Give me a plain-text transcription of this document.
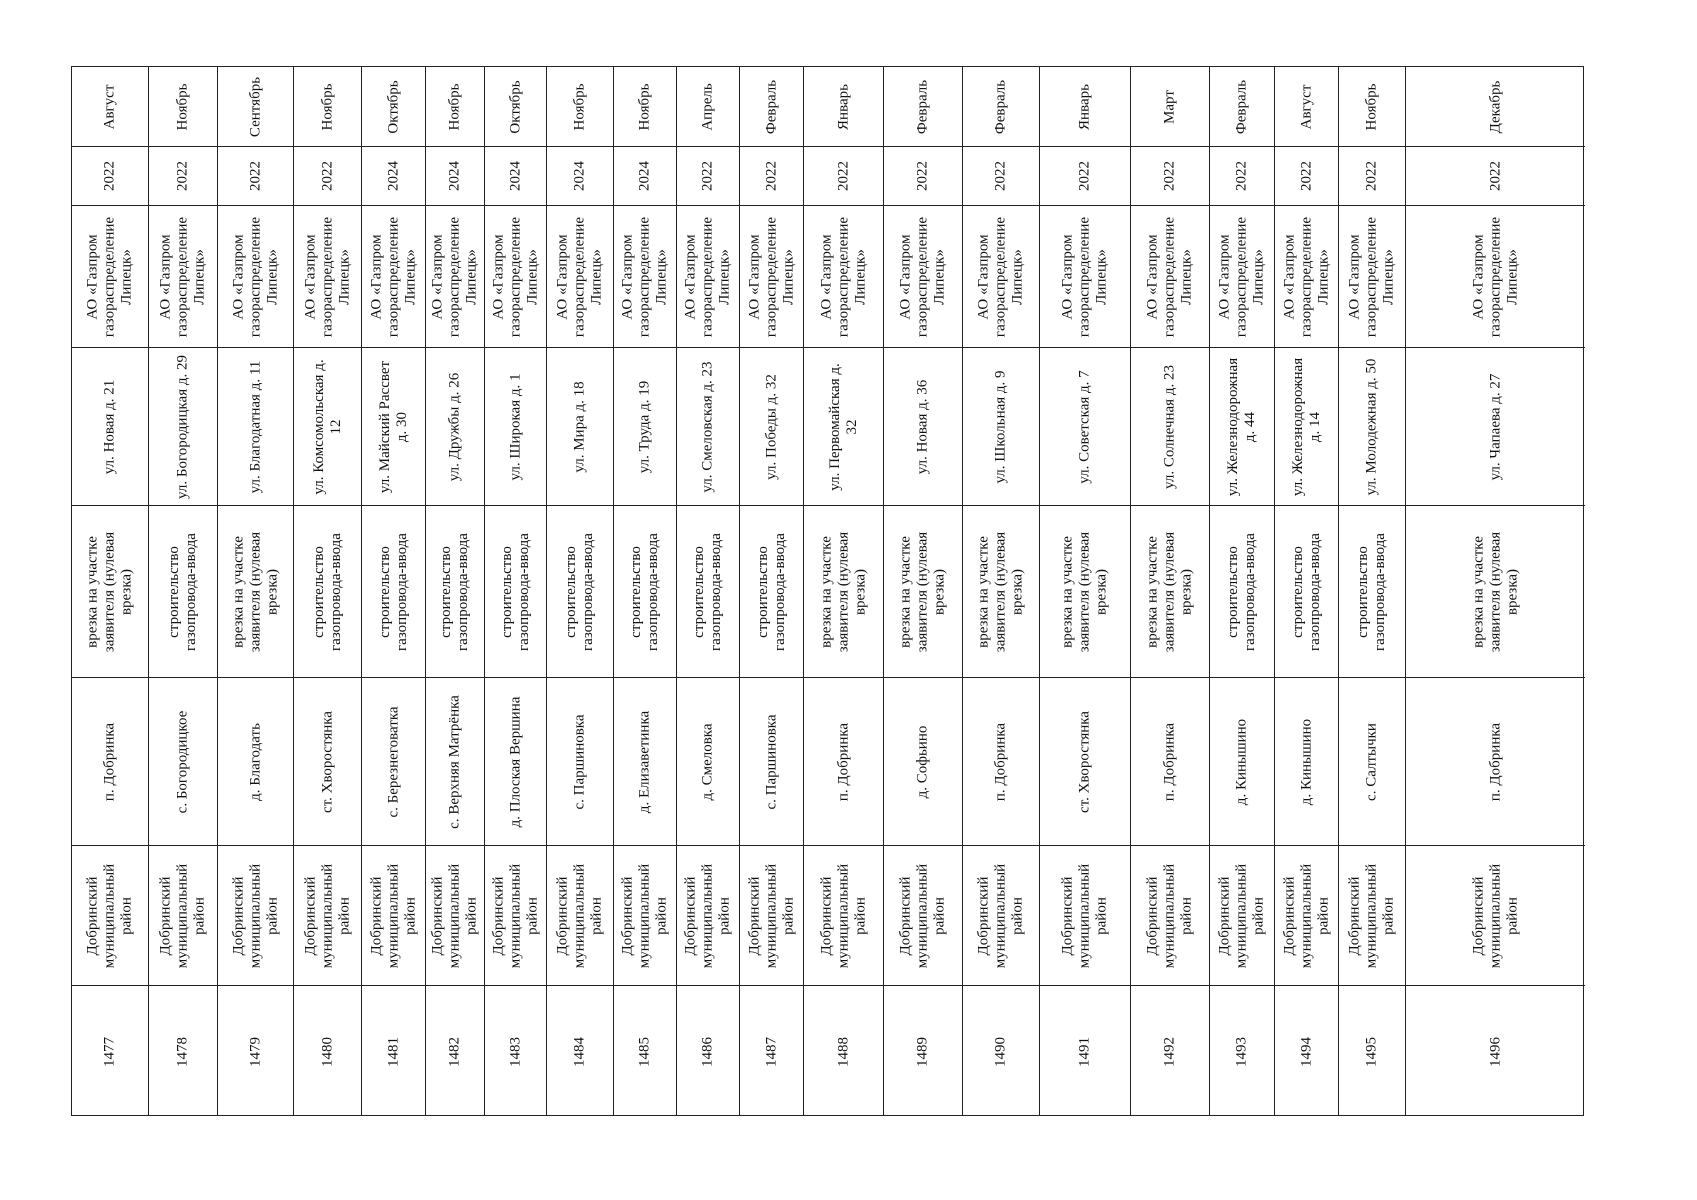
Август
2022
АО «Газпром газораспределение Липецк»
ул. Новая д. 21
врезка на участке заявителя (нулевая врезка)
п. Добринка
Добринский муниципальный район
1477
Ноябрь
2022
АО «Газпром газораспределение Липецк»
ул. Богородицкая д. 29
строительство газопровода-ввода
с. Богородицкое
Добринский муниципальный район
1478
Сентябрь
2022
АО «Газпром газораспределение Липецк»
ул. Благодатная д. 11
врезка на участке заявителя (нулевая врезка)
д. Благодать
Добринский муниципальный район
1479
Ноябрь
2022
АО «Газпром газораспределение Липецк»
ул. Комсомольская д. 12
строительство газопровода-ввода
ст. Хворостянка
Добринский муниципальный район
1480
Октябрь
2024
АО «Газпром газораспределение Липецк»
ул. Майский Рассвет д. 30
строительство газопровода-ввода
с. Березнеговатка
Добринский муниципальный район
1481
Ноябрь
2024
АО «Газпром газораспределение Липецк»
ул. Дружбы д. 26
строительство газопровода-ввода
с. Верхняя Матрёнка
Добринский муниципальный район
1482
Октябрь
2024
АО «Газпром газораспределение Липецк»
ул. Широкая д. 1
строительство газопровода-ввода
д. Плоская Вершина
Добринский муниципальный район
1483
Ноябрь
2024
АО «Газпром газораспределение Липецк»
ул. Мира д. 18
строительство газопровода-ввода
с. Паршиновка
Добринский муниципальный район
1484
Ноябрь
2024
АО «Газпром газораспределение Липецк»
ул. Труда д. 19
строительство газопровода-ввода
д. Елизаветинка
Добринский муниципальный район
1485
Апрель
2022
АО «Газпром газораспределение Липецк»
ул. Смеловская д. 23
строительство газопровода-ввода
д. Смеловка
Добринский муниципальный район
1486
Февраль
2022
АО «Газпром газораспределение Липецк»
ул. Победы д. 32
строительство газопровода-ввода
с. Паршиновка
Добринский муниципальный район
1487
Январь
2022
АО «Газпром газораспределение Липецк»
ул. Первомайская д. 32
врезка на участке заявителя (нулевая врезка)
п. Добринка
Добринский муниципальный район
1488
Февраль
2022
АО «Газпром газораспределение Липецк»
ул. Новая д. 36
врезка на участке заявителя (нулевая врезка)
д. Софьино
Добринский муниципальный район
1489
Февраль
2022
АО «Газпром газораспределение Липецк»
ул. Школьная д. 9
врезка на участке заявителя (нулевая врезка)
п. Добринка
Добринский муниципальный район
1490
Январь
2022
АО «Газпром газораспределение Липецк»
ул. Советская д. 7
врезка на участке заявителя (нулевая врезка)
ст. Хворостянка
Добринский муниципальный район
1491
Март
2022
АО «Газпром газораспределение Липецк»
ул. Солнечная д. 23
врезка на участке заявителя (нулевая врезка)
п. Добринка
Добринский муниципальный район
1492
Февраль
2022
АО «Газпром газораспределение Липецк»
ул. Железнодорожная д. 44
строительство газопровода-ввода
д. Кинышино
Добринский муниципальный район
1493
Август
2022
АО «Газпром газораспределение Липецк»
ул. Железнодорожная д. 14
строительство газопровода-ввода
д. Кинышино
Добринский муниципальный район
1494
Ноябрь
2022
АО «Газпром газораспределение Липецк»
ул. Молодежная д. 50
строительство газопровода-ввода
с. Салтычки
Добринский муниципальный район
1495
Декабрь
2022
АО «Газпром газораспределение Липецк»
ул. Чапаева д. 27
врезка на участке заявителя (нулевая врезка)
п. Добринка
Добринский муниципальный район
1496
